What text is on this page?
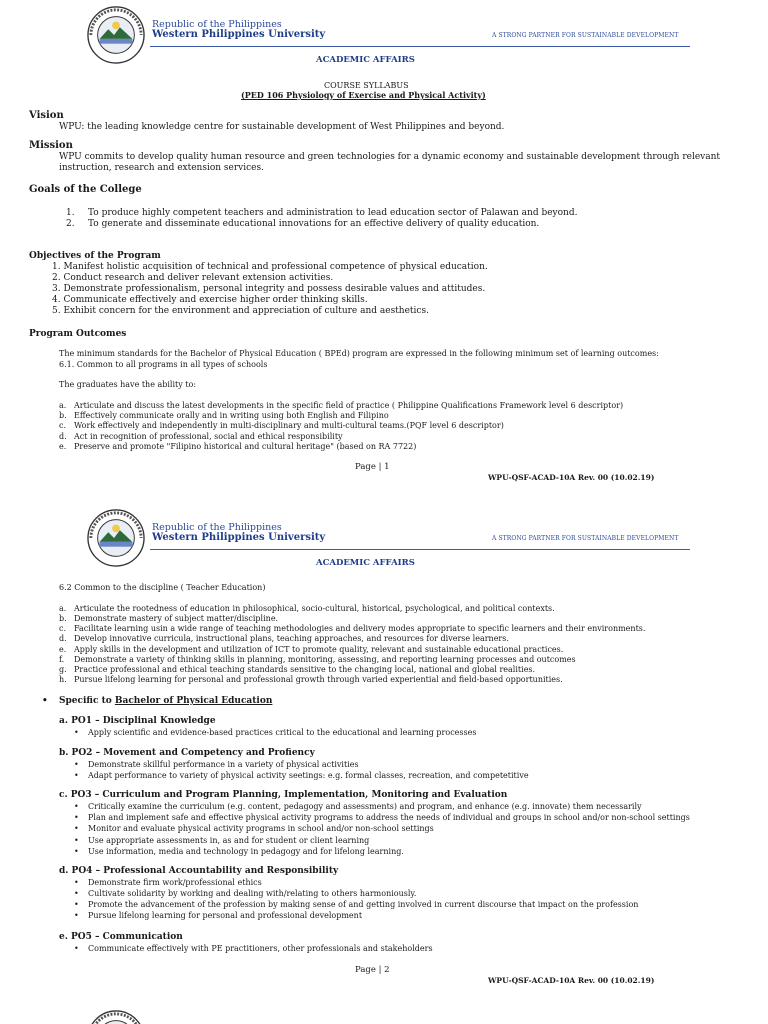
Republic of the Philippines
Western Philippines University	A STRONG PARTNER FOR SUSTAINABLE DEVELOPMENT
ACADEMIC AFFAIRS
COURSE SYLLABUS
(PED 106 Physiology of Exercise and Physical Activity)
Vision
WPU: the leading knowledge centre for sustainable development of West Philippines and beyond.
Mission
WPU commits to develop quality human resource and green technologies for a dynamic economy and sustainable development through relevant
instruction, research and extension services.
Goals of the College
1. To produce highly competent teachers and administration to lead education sector of Palawan and beyond.
2. To generate and disseminate educational innovations for an effective delivery of quality education.
Objectives of the Program
1. Manifest holistic acquisition of technical and professional competence of physical education.
2. Conduct research and deliver relevant extension activities.
3. Demonstrate professionalism, personal integrity and possess desirable values and attitudes.
4. Communicate effectively and exercise higher order thinking skills.
5. Exhibit concern for the environment and appreciation of culture and aesthetics.
Program Outcomes
The minimum standards for the Bachelor of Physical Education ( BPEd) program are expressed in the following minimum set of learning outcomes:
6.1. Common to all programs in all types of schools
The graduates have the ability to:
a. Articulate and discuss the latest developments in the specific field of practice ( Philippine Qualifications Framework level 6 descriptor)
b. Effectively communicate orally and in writing using both English and Filipino
c. Work effectively and independently in multi-disciplinary and multi-cultural teams.(PQF level 6 descriptor)
d. Act in recognition of professional, social and ethical responsibility
e. Preserve and promote "Filipino historical and cultural heritage" (based on RA 7722)
Page | 1
WPU-QSF-ACAD-10A Rev. 00 (10.02.19)
Republic of the Philippines
Western Philippines University	A STRONG PARTNER FOR SUSTAINABLE DEVELOPMENT
ACADEMIC AFFAIRS
6.2 Common to the discipline ( Teacher Education)
a. Articulate the rootedness of education in philosophical, socio-cultural, historical, psychological, and political contexts.
b. Demonstrate mastery of subject matter/discipline.
c. Facilitate learning usin a wide range of teaching methodologies and delivery modes appropriate to specific learners and their environments.
d. Develop innovative curricula, instructional plans, teaching approaches, and resources for diverse learners.
e. Apply skills in the development and utilization of ICT to promote quality, relevant and sustainable educational practices.
f. Demonstrate a variety of thinking skills in planning, monitoring, assessing, and reporting learning processes and outcomes
g. Practice professional and ethical teaching standards sensitive to the changing local, national and global realities.
h. Pursue lifelong learning for personal and professional growth through varied experiential and field-based opportunities.
• Specific to Bachelor of Physical Education
a. PO1 – Disciplinal Knowledge
• Apply scientific and evidence-based practices critical to the educational and learning processes
b. PO2 – Movement and Competency and Profiency
• Demonstrate skillful performance in a variety of physical activities
• Adapt performance to variety of physical activity seetings: e.g. formal classes, recreation, and competetitive
c. PO3 – Curriculum and Program Planning, Implementation, Monitoring and Evaluation
• Critically examine the curriculum (e.g. content, pedagogy and assessments) and program, and enhance (e.g. innovate) them necessarily
• Plan and implement safe and effective physical activity programs to address the needs of individual and groups in school and/or non-school settings
• Monitor and evaluate physical activity programs in school and/or non-school settings
• Use appropriate assessments in, as and for student or client learning
• Use information, media and technology in pedagogy and for lifelong learning.
d. PO4 – Professional Accountability and Responsibility
• Demonstrate firm work/professional ethics
• Cultivate solidarity by working and dealing with/relating to others harmoniously.
• Promote the advancement of the profession by making sense of and getting involved in current discourse that impact on the profession
• Pursue lifelong learning for personal and professional development
e. PO5 – Communication
• Communicate effectively with PE practitioners, other professionals and stakeholders
Page | 2
WPU-QSF-ACAD-10A Rev. 00 (10.02.19)
